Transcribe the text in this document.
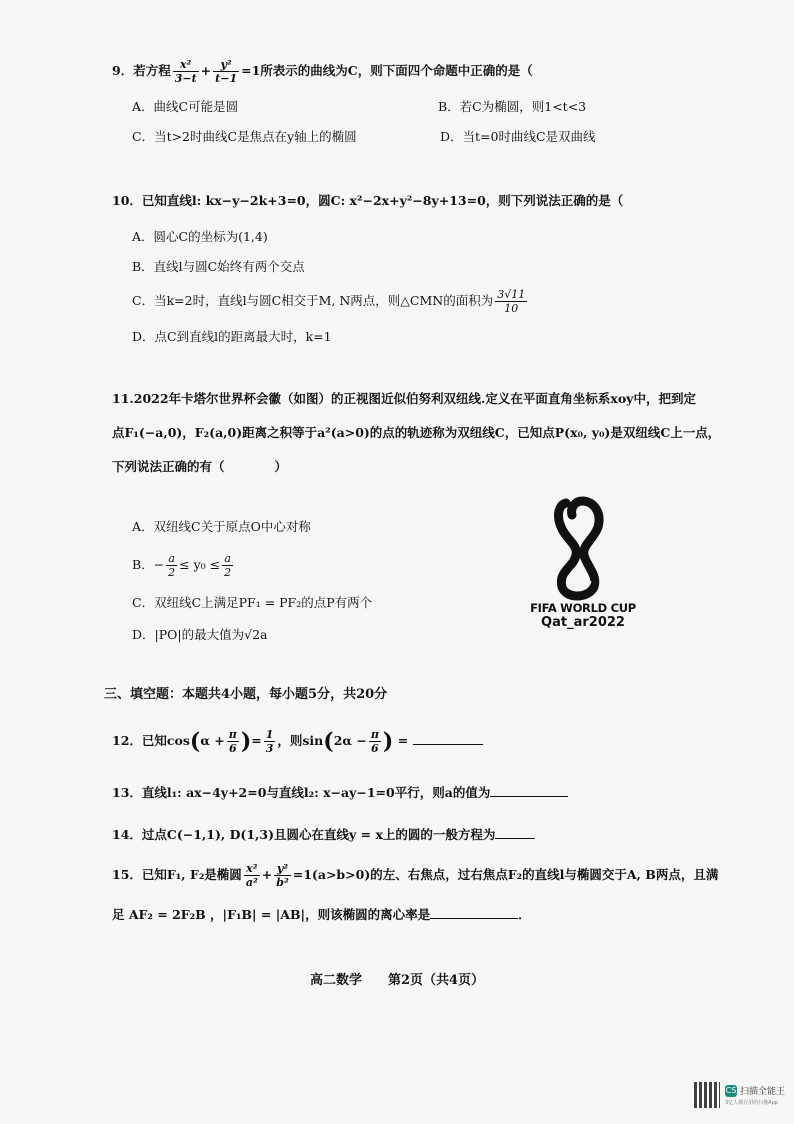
9．若方程 $\frac{\text{x²}}{3-t} + \frac{\text{y²}}{t-1} =1$所表示的曲线为C，则下面四个命题中正确的是（
A．曲线C可能是圆	B．若C为椭圆，则1<t<3
C．当t>2时曲线C是焦点在y轴上的椭圆	D．当t=0时曲线C是双曲线
10．已知直线l: kx−y−2k+3=0，圆C: x²−2x+y²−8y+13=0，则下列说法正确的是（
A．圆心C的坐标为(1,4)
B．直线l与圆C始终有两个交点
C．当k=2时，直线l与圆C相交于M, N两点，则△CMN的面积为 $\frac{3√11}{10}$
D．点C到直线l的距离最大时，k=1
11.2022年卡塔尔世界杯会徽（如图）的正视图近似伯努利双纽线.定义在平面直角坐标系xoy中，把到定
点F₁(−a,0)，F₂(a,0)距离之积等于a²(a>0)的点的轨迹称为双纽线C，已知点P(x₀, y₀)是双纽线C上一点，
下列说法正确的有（　　　　）
A．双纽线C关于原点O中心对称
B．− $\frac{a}{2} \le y_0 \le \frac{a}{2}$
C．双纽线C上满足PF₁ = PF₂的点P有两个
D．|PO|的最大值为√2a
FIFA WORLD CUP
Qat_ar2022
三、填空题：本题共4小题，每小题5分，共20分
12．已知$\cos(\alpha + \frac{\pi}{6}$ )= $\frac{1}{3}$ ，则$\sin(2\alpha - \frac{\pi}{6}$ ) =
13．直线l₁: ax−4y+2=0与直线l₂: x−ay−1=0平行，则a的值为
14．过点C(−1,1), D(1,3)且圆心在直线y = x上的圆的一般方程为
15．已知F₁, F₂是椭圆 $\frac{\text{x²}}{\text{a²}} + \frac{\text{y²}}{\text{b²}} =1(a>b>0)$的左、右焦点，过右焦点F₂的直线l与椭圆交于A, B两点，且满
足 AF₂ = 2F₂B ，|F₁B| = |AB|，则该椭圆的离心率是	．
高二数学　　第2页（共4页）
CS 扫描全能王
3亿人都在用的扫描App
